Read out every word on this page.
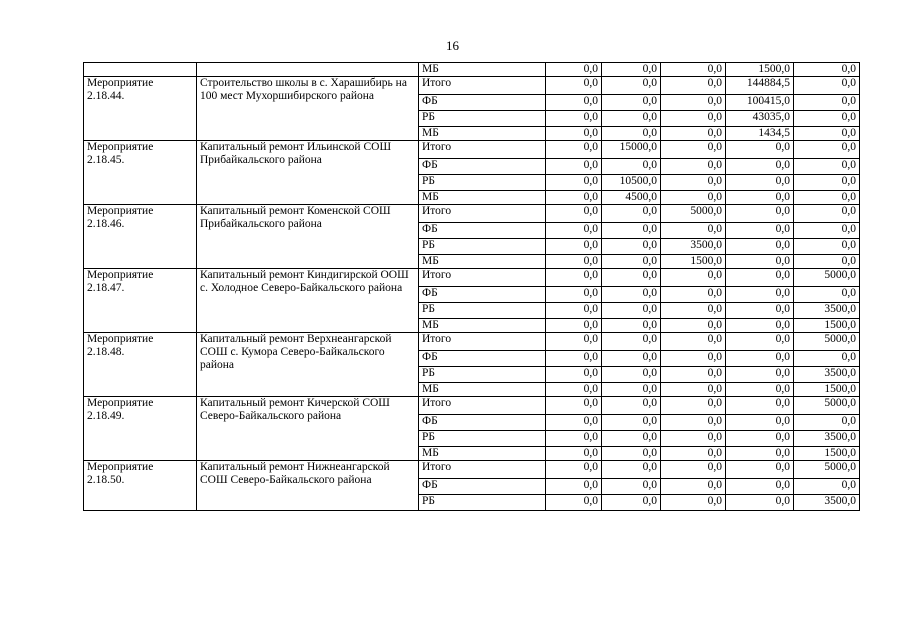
16
		МБ	0,0	0,0	0,0	1500,0	0,0
Мероприятие 2.18.44.	Строительство школы в с. Харашибирь на 100 мест Мухоршибирского района	Итого	0,0	0,0	0,0	144884,5	0,0
		ФБ	0,0	0,0	0,0	100415,0	0,0
		РБ	0,0	0,0	0,0	43035,0	0,0
		МБ	0,0	0,0	0,0	1434,5	0,0
Мероприятие 2.18.45.	Капитальный ремонт Ильинской СОШ Прибайкальского района	Итого	0,0	15000,0	0,0	0,0	0,0
		ФБ	0,0	0,0	0,0	0,0	0,0
		РБ	0,0	10500,0	0,0	0,0	0,0
		МБ	0,0	4500,0	0,0	0,0	0,0
Мероприятие 2.18.46.	Капитальный ремонт Коменской СОШ Прибайкальского района	Итого	0,0	0,0	5000,0	0,0	0,0
		ФБ	0,0	0,0	0,0	0,0	0,0
		РБ	0,0	0,0	3500,0	0,0	0,0
		МБ	0,0	0,0	1500,0	0,0	0,0
Мероприятие 2.18.47.	Капитальный ремонт Киндигирской ООШ с. Холодное Северо-Байкальского района	Итого	0,0	0,0	0,0	0,0	5000,0
		ФБ	0,0	0,0	0,0	0,0	0,0
		РБ	0,0	0,0	0,0	0,0	3500,0
		МБ	0,0	0,0	0,0	0,0	1500,0
Мероприятие 2.18.48.	Капитальный ремонт Верхнеангарской СОШ с. Кумора Северо-Байкальского района	Итого	0,0	0,0	0,0	0,0	5000,0
		ФБ	0,0	0,0	0,0	0,0	0,0
		РБ	0,0	0,0	0,0	0,0	3500,0
		МБ	0,0	0,0	0,0	0,0	1500,0
Мероприятие 2.18.49.	Капитальный ремонт Кичерской СОШ Северо-Байкальского района	Итого	0,0	0,0	0,0	0,0	5000,0
		ФБ	0,0	0,0	0,0	0,0	0,0
		РБ	0,0	0,0	0,0	0,0	3500,0
		МБ	0,0	0,0	0,0	0,0	1500,0
Мероприятие 2.18.50.	Капитальный ремонт Нижнеангарской СОШ Северо-Байкальского района	Итого	0,0	0,0	0,0	0,0	5000,0
		ФБ	0,0	0,0	0,0	0,0	0,0
		РБ	0,0	0,0	0,0	0,0	3500,0
